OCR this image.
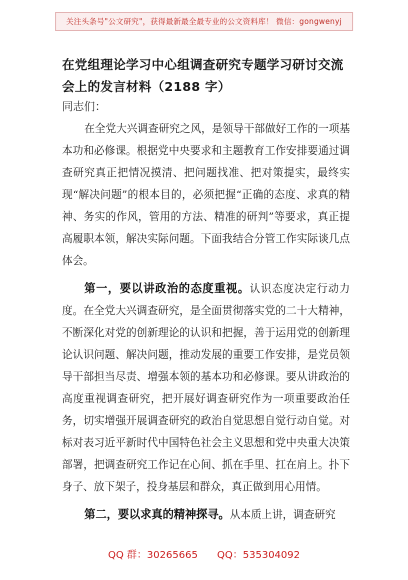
关注头条号"公文研究"，获得最新最全最专业的公文资料库！ 微信：gongwenyj
在党组理论学习中心组调查研究专题学习研讨交流会上的发言材料（2188 字）
同志们：

在全党大兴调查研究之风，是领导干部做好工作的一项基本功和必修课。根据党中央要求和主题教育工作安排要通过调查研究真正把情况摸清、把问题找准、把对策提实，最终实现“解决问题”的根本目的，必须把握“正确的态度、求真的精神、务实的作风，管用的方法、精准的研判”等要求，真正提高履职本领，解决实际问题。下面我结合分管工作实际谈几点体会。

第一，要以讲政治的态度重视。认识态度决定行动力度。在全党大兴调查研究，是全面贯彻落实党的二十大精神，不断深化对党的创新理论的认识和把握，善于运用党的创新理论认识问题、解决问题，推动发展的重要工作安排，是党员领导干部担当尽责、增强本领的基本功和必修课。要从讲政治的高度重视调查研究，把开展好调查研究作为一项重要政治任务，切实增强开展调查研究的政治自觉思想自觉行动自觉。对标对表习近平新时代中国特色社会主义思想和党中央重大决策部署，把调查研究工作记在心间、抓在手里、扛在肩上。扑下身子、放下架子，投身基层和群众，真正做到用心用情。

第二，要以求真的精神探寻。从本质上讲，调查研究

QQ 群：30265665 QQ：535304092
